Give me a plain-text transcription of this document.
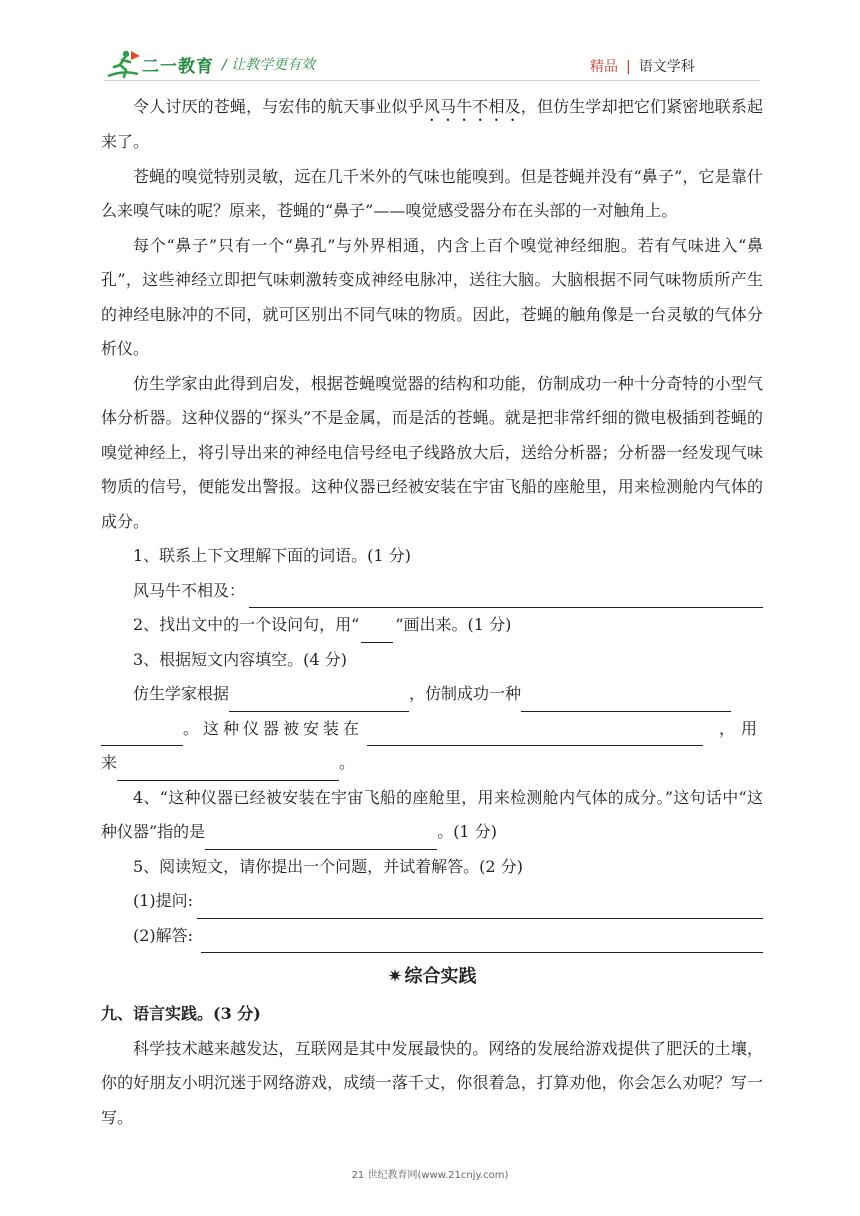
二一教育 / 让教学更有效	精品 | 语文学科

令人讨厌的苍蝇，与宏伟的航天事业似乎风马牛不相及，但仿生学却把它们紧密地联系起来了。

苍蝇的嗅觉特别灵敏，远在几千米外的气味也能嗅到。但是苍蝇并没有“鼻子”，它是靠什么来嗅气味的呢？原来，苍蝇的“鼻子”——嗅觉感受器分布在头部的一对触角上。

每个“鼻子”只有一个“鼻孔”与外界相通，内含上百个嗅觉神经细胞。若有气味进入“鼻孔”，这些神经立即把气味刺激转变成神经电脉冲，送往大脑。大脑根据不同气味物质所产生的神经电脉冲的不同，就可区别出不同气味的物质。因此，苍蝇的触角像是一台灵敏的气体分析仪。

仿生学家由此得到启发，根据苍蝇嗅觉器的结构和功能，仿制成功一种十分奇特的小型气体分析器。这种仪器的“探头”不是金属，而是活的苍蝇。就是把非常纤细的微电极插到苍蝇的嗅觉神经上，将引导出来的神经电信号经电子线路放大后，送给分析器；分析器一经发现气味物质的信号，便能发出警报。这种仪器已经被安装在宇宙飞船的座舱里，用来检测舱内气体的成分。

1、联系上下文理解下面的词语。(1 分)

风马牛不相及：

2、找出文中的一个设问句，用“ ”画出来。(1 分)

3、根据短文内容填空。(4 分)

仿生学家根据	，仿制成功一种
。这种仪器被安装在	，用
来	。

4、“这种仪器已经被安装在宇宙飞船的座舱里，用来检测舱内气体的成分。”这句话中“这种仪器”指的是	。(1 分)

5、阅读短文，请你提出一个问题，并试着解答。(2 分)

(1)提问:
(2)解答:
✷ 综合实践

九、语言实践。(3 分)

科学技术越来越发达，互联网是其中发展最快的。网络的发展给游戏提供了肥沃的土壤，你的好朋友小明沉迷于网络游戏，成绩一落千丈，你很着急，打算劝他，你会怎么劝呢？写一写。

21 世纪教育网(www.21cnjy.com)
